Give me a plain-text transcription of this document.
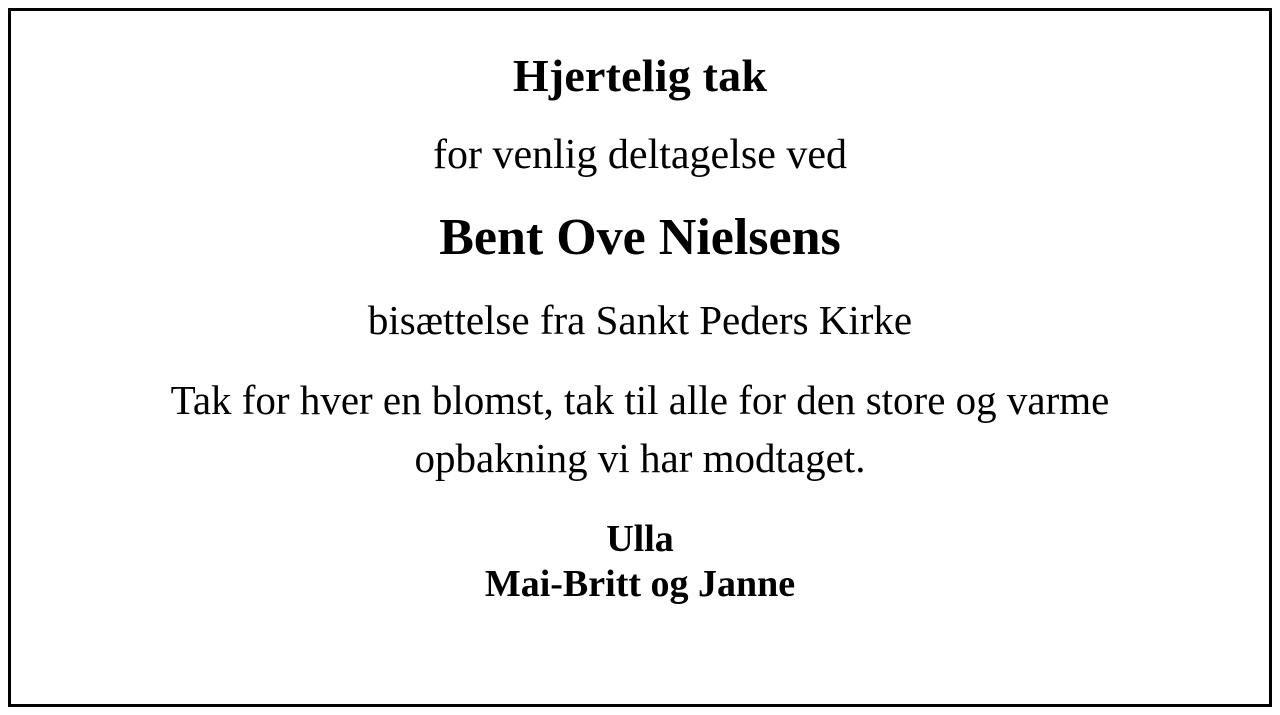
Hjertelig tak
for venlig deltagelse ved
Bent Ove Nielsens
bisættelse fra Sankt Peders Kirke
Tak for hver en blomst, tak til alle for den store og varme opbakning vi har modtaget.
Ulla
Mai-Britt og Janne
